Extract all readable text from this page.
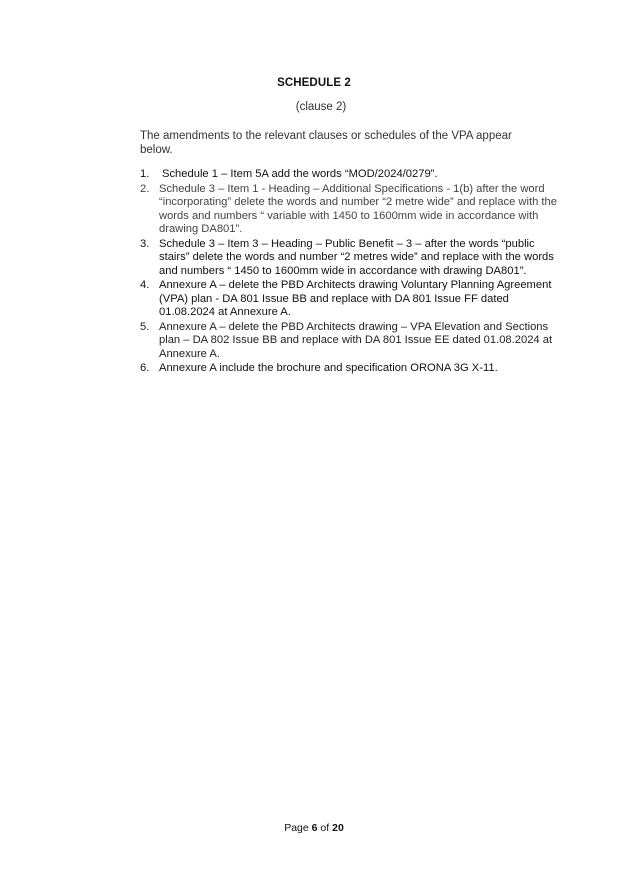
SCHEDULE 2
(clause 2)
The amendments to the relevant clauses or schedules of the VPA appear below.
1. Schedule 1 – Item 5A add the words “MOD/2024/0279”.
2. Schedule 3 – Item 1 - Heading – Additional Specifications - 1(b) after the word “incorporating” delete the words and number “2 metre wide” and replace with the words and numbers “ variable with 1450 to 1600mm wide in accordance with drawing DA801”.
3. Schedule 3 – Item 3 – Heading – Public Benefit – 3 – after the words “public stairs” delete the words and number “2 metres wide” and replace with the words and numbers “ 1450 to 1600mm wide in accordance with drawing DA801”.
4. Annexure A – delete the PBD Architects drawing Voluntary Planning Agreement (VPA) plan - DA 801 Issue BB and replace with DA 801 Issue FF dated 01.08.2024 at Annexure A.
5. Annexure A – delete the PBD Architects drawing – VPA Elevation and Sections plan – DA 802 Issue BB and replace with DA 801 Issue EE dated 01.08.2024 at Annexure A.
6. Annexure A include the brochure and specification ORONA 3G X-11.
Page 6 of 20
